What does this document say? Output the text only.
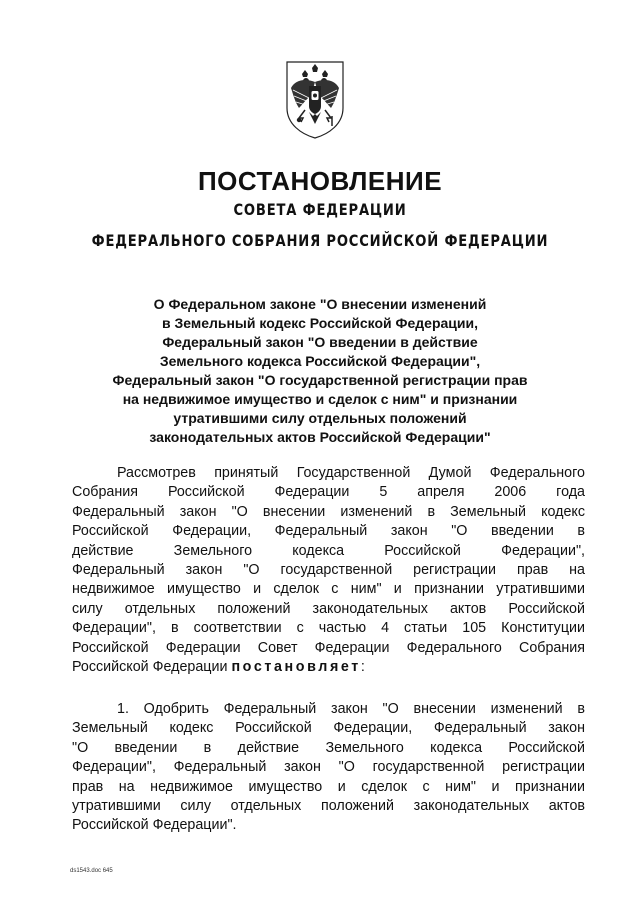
ПОСТАНОВЛЕНИЕ
СОВЕТА ФЕДЕРАЦИИ
ФЕДЕРАЛЬНОГО СОБРАНИЯ РОССИЙСКОЙ ФЕДЕРАЦИИ
О Федеральном законе "О внесении изменений
в Земельный кодекс Российской Федерации,
Федеральный закон "О введении в действие
Земельного кодекса Российской Федерации",
Федеральный закон "О государственной регистрации прав
на недвижимое имущество и сделок с ним" и признании
утратившими силу отдельных положений
законодательных актов Российской Федерации"
Рассмотрев принятый Государственной Думой Федерального
Собрания Российской Федерации 5 апреля 2006 года
Федеральный закон "О внесении изменений в Земельный кодекс
Российской Федерации, Федеральный закон "О введении в
действие Земельного кодекса Российской Федерации",
Федеральный закон "О государственной регистрации прав на
недвижимое имущество и сделок с ним" и признании утратившими
силу отдельных положений законодательных актов Российской
Федерации", в соответствии с частью 4 статьи 105 Конституции
Российской Федерации Совет Федерации Федерального Собрания
Российской Федерации постановляет:
1. Одобрить Федеральный закон "О внесении изменений в
Земельный кодекс Российской Федерации, Федеральный закон
"О введении в действие Земельного кодекса Российской
Федерации", Федеральный закон "О государственной регистрации
прав на недвижимое имущество и сделок с ним" и признании
утратившими силу отдельных положений законодательных актов
Российской Федерации".
ds1543.doc 645
